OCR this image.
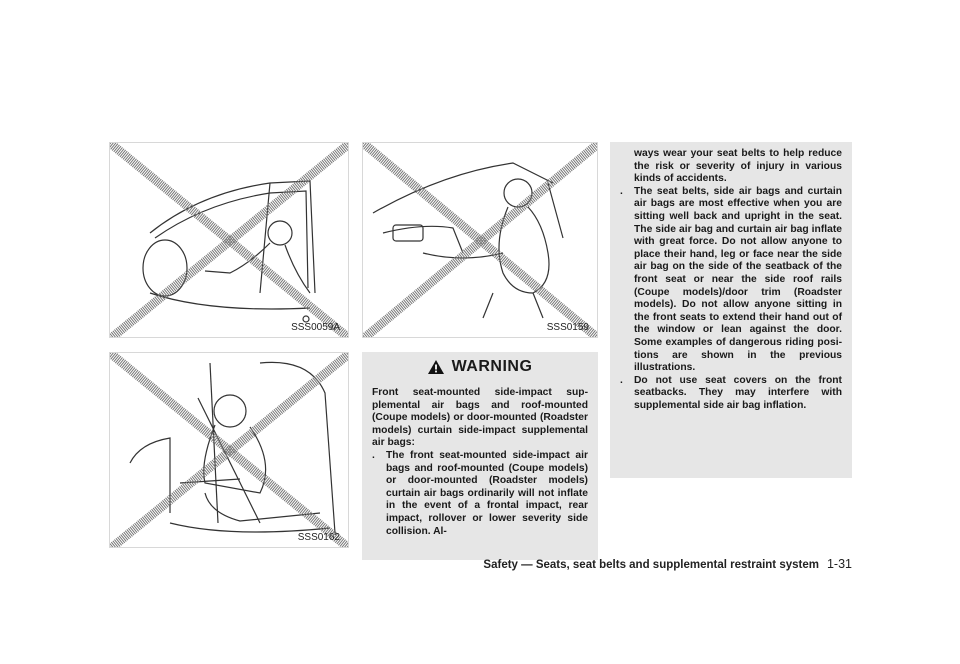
SSS0059A	SSS0159
SSS0162
WARNING
Front seat-mounted side-impact supplemental air bags and roof-mounted (Coupe models) or door-mounted (Roadster models) curtain side-impact supplemental air bags:
.	The front seat-mounted side-impact air bags and roof-mounted (Coupe models) or door-mounted (Roadster models) curtain air bags ordinarily will not inflate in the event of a frontal impact, rear impact, rollover or lower severity side collision. Al-
ways wear your seat belts to help reduce the risk or severity of injury in various kinds of accidents.
.	The seat belts, side air bags and curtain air bags are most effective when you are sitting well back and upright in the seat. The side air bag and curtain air bag inflate with great force. Do not allow anyone to place their hand, leg or face near the side air bag on the side of the seatback of the front seat or near the side roof rails (Coupe models)/door trim (Roadster models). Do not allow anyone sitting in the front seats to extend their hand out of the window or lean against the door. Some examples of dangerous riding positions are shown in the previous illustrations.
.	Do not use seat covers on the front seatbacks. They may interfere with supplemental side air bag inflation.
Safety — Seats, seat belts and supplemental restraint system 1-31
